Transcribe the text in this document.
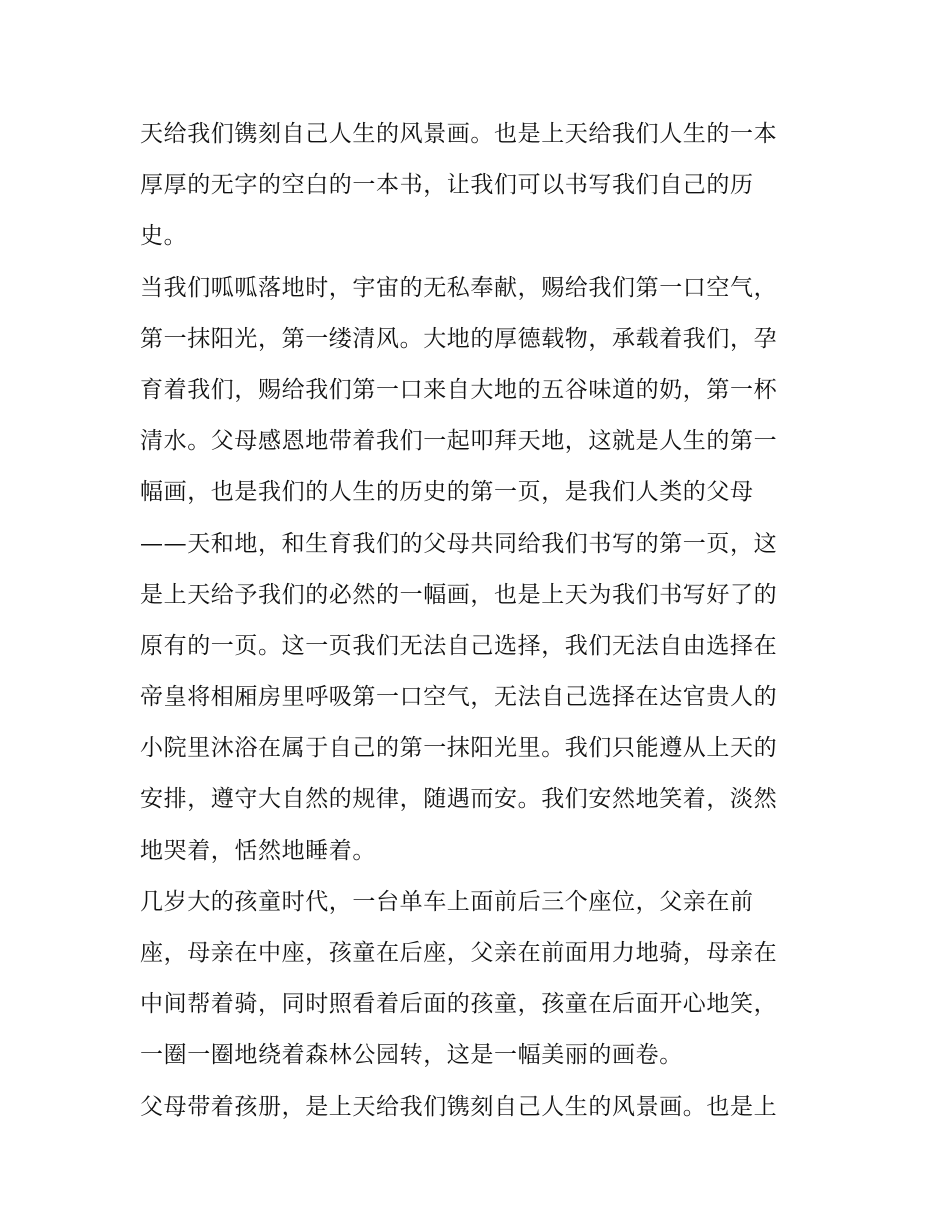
天给我们镌刻自己人生的风景画。也是上天给我们人生的一本
厚厚的无字的空白的一本书，让我们可以书写我们自己的历
史。
当我们呱呱落地时，宇宙的无私奉献，赐给我们第一口空气，
第一抹阳光，第一缕清风。大地的厚德载物，承载着我们，孕
育着我们，赐给我们第一口来自大地的五谷味道的奶，第一杯
清水。父母感恩地带着我们一起叩拜天地，这就是人生的第一
幅画，也是我们的人生的历史的第一页，是我们人类的父母
——天和地，和生育我们的父母共同给我们书写的第一页，这
是上天给予我们的必然的一幅画，也是上天为我们书写好了的
原有的一页。这一页我们无法自己选择，我们无法自由选择在
帝皇将相厢房里呼吸第一口空气，无法自己选择在达官贵人的
小院里沐浴在属于自己的第一抹阳光里。我们只能遵从上天的
安排，遵守大自然的规律，随遇而安。我们安然地笑着，淡然
地哭着，恬然地睡着。
几岁大的孩童时代，一台单车上面前后三个座位，父亲在前
座，母亲在中座，孩童在后座，父亲在前面用力地骑，母亲在
中间帮着骑，同时照看着后面的孩童，孩童在后面开心地笑，
一圈一圈地绕着森林公园转，这是一幅美丽的画卷。
父母带着孩册，是上天给我们镌刻自己人生的风景画。也是上
